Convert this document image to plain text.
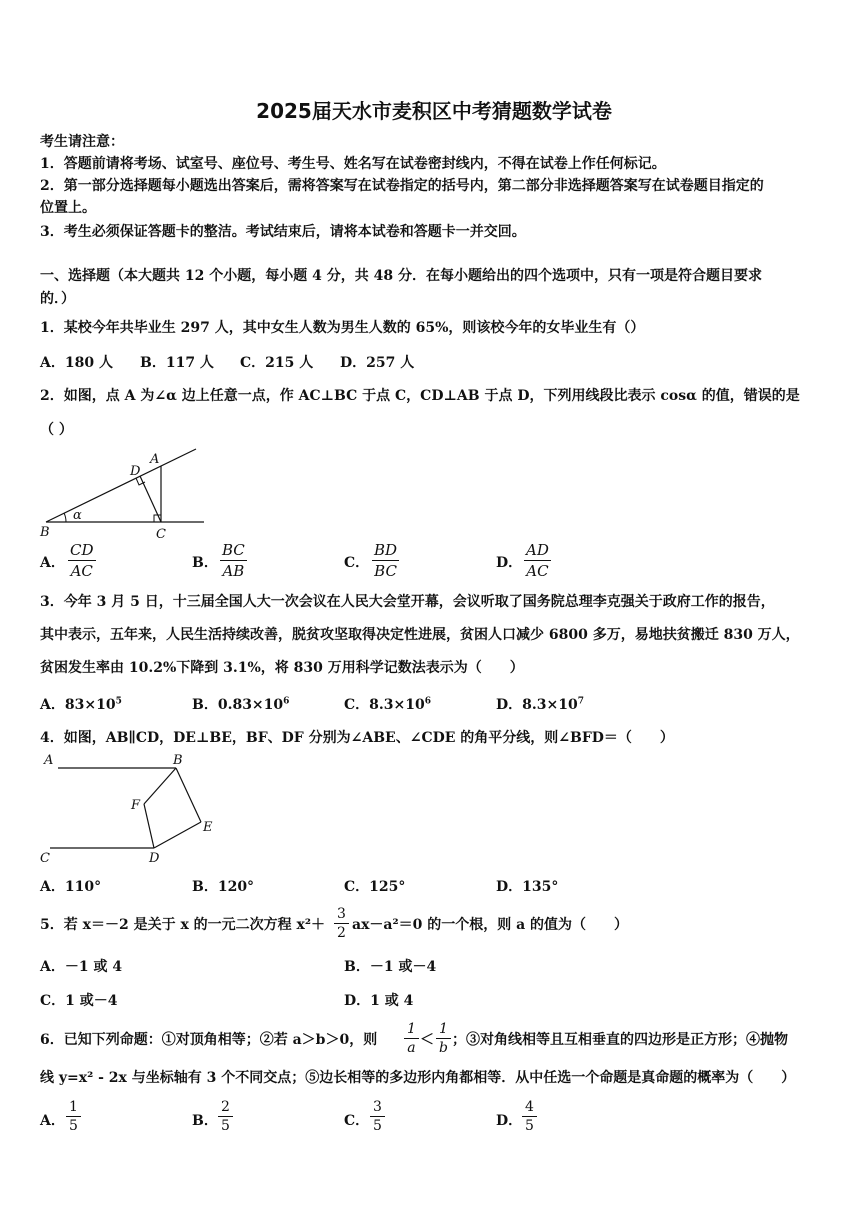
2025届天水市麦积区中考猜题数学试卷
考生请注意：
1．答题前请将考场、试室号、座位号、考生号、姓名写在试卷密封线内，不得在试卷上作任何标记。
2．第一部分选择题每小题选出答案后，需将答案写在试卷指定的括号内，第二部分非选择题答案写在试卷题目指定的
位置上。
3．考生必须保证答题卡的整洁。考试结束后，请将本试卷和答题卡一并交回。
一、选择题（本大题共 12 个小题，每小题 4 分，共 48 分．在每小题给出的四个选项中，只有一项是符合题目要求
的．）
1．某校今年共毕业生 297 人，其中女生人数为男生人数的 65%，则该校今年的女毕业生有（）
A．180 人 B．117 人 C．215 人 D．257 人
2．如图，点 A 为∠α 边上任意一点，作 AC⊥BC 于点 C，CD⊥AB 于点 D，下列用线段比表示 cosα 的值，错误的是
（ ）
A
D
B	C
α
A． $\frac{CD}{AC}$	B． $\frac{BC}{AB}$	C． $\frac{BD}{BC}$	D． $\frac{AD}{AC}$
3．今年 3 月 5 日，十三届全国人大一次会议在人民大会堂开幕，会议听取了国务院总理李克强关于政府工作的报告，
其中表示，五年来，人民生活持续改善，脱贫攻坚取得决定性进展，贫困人口减少 6800 多万，易地扶贫搬迁 830 万人，
贫困发生率由 10.2%下降到 3.1%，将 830 万用科学记数法表示为（　　）
A．$83\times 10^5$	B．$0.83\times 10^6$	C．$8.3\times 10^6$	D．$8.3\times 10^7$
4．如图，AB∥CD，DE⊥BE，BF、DF 分别为∠ABE、∠CDE 的角平分线，则∠BFD＝（　　）
A	B
F
E
C	D
A．110°	B．120°	C．125°	D．135°
5．若 x＝－2 是关于 x 的一元二次方程 $x^2+ \frac{3}{2} ax-a^2=0$ 的一个根，则 a 的值为（　　）
A．－1 或 4	B．－1 或－4
C．1 或－4	D．1 或 4
6．已知下列命题：①对顶角相等；②若 a＞b＞0，则 $\frac{1}{a} < \frac{1}{b}$ ；③对角线相等且互相垂直的四边形是正方形；④抛物
线 y=x² - 2x 与坐标轴有 3 个不同交点；⑤边长相等的多边形内角都相等．从中任选一个命题是真命题的概率为（　　）
A． $\frac{1}{5}$	B． $\frac{2}{5}$	C． $\frac{3}{5}$	D． $\frac{4}{5}$
